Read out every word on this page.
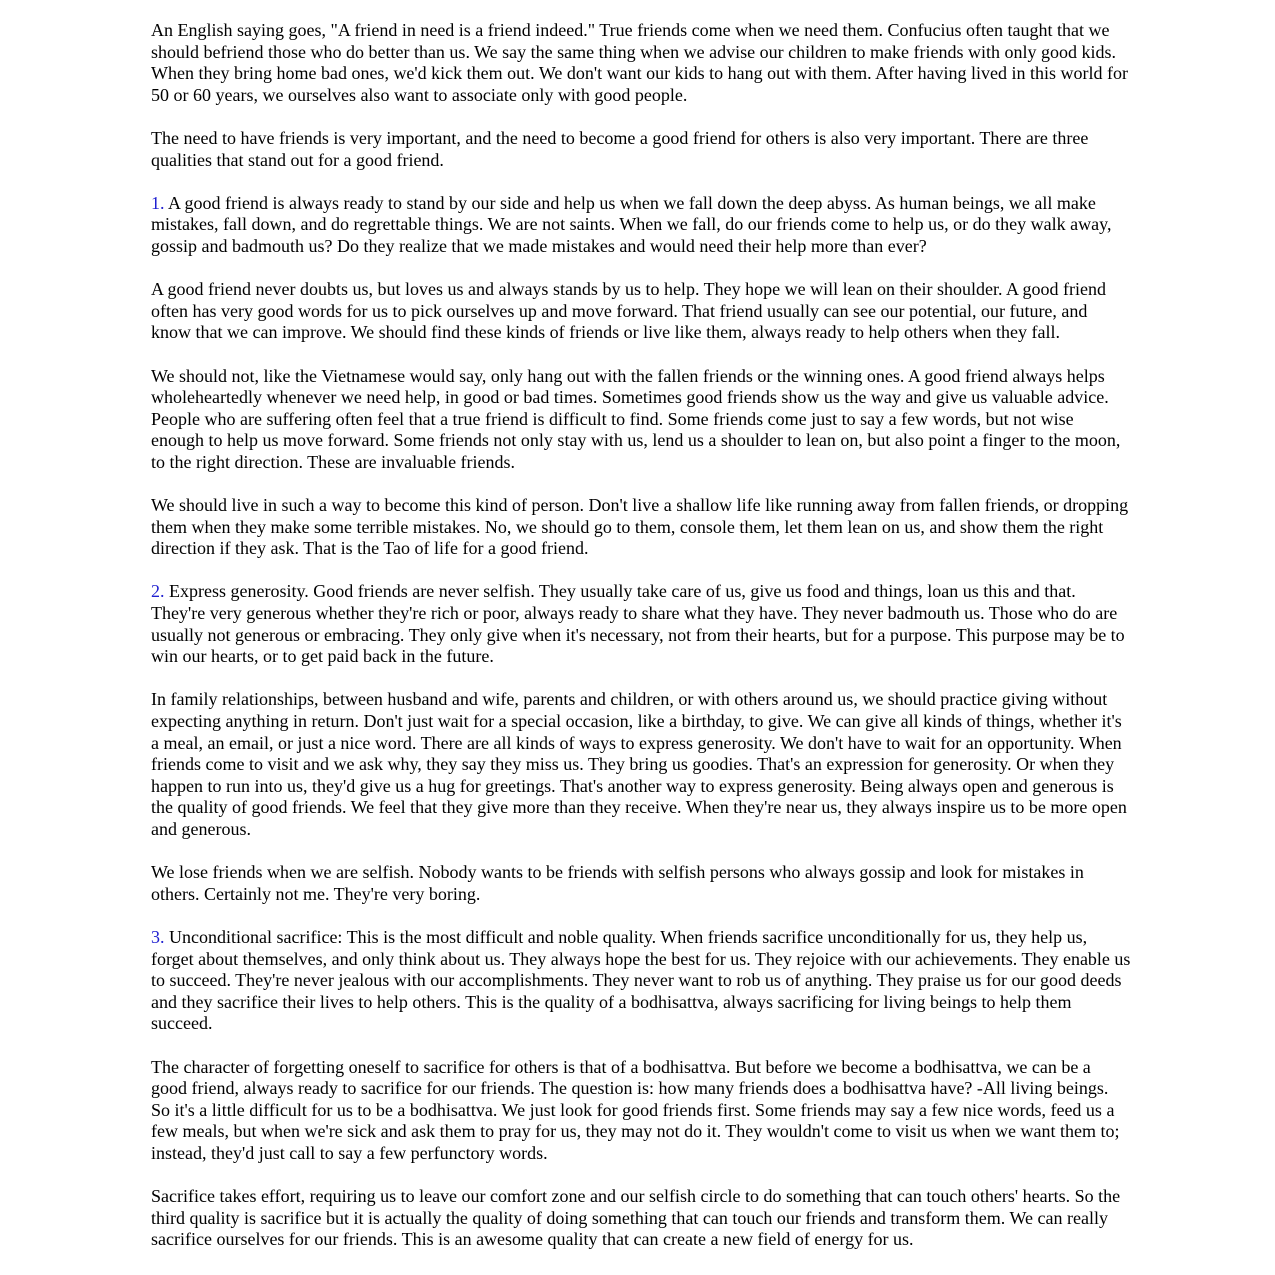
An English saying goes, "A friend in need is a friend indeed." True friends come when we need them. Confucius often taught that we should befriend those who do better than us. We say the same thing when we advise our children to make friends with only good kids. When they bring home bad ones, we'd kick them out. We don't want our kids to hang out with them. After having lived in this world for 50 or 60 years, we ourselves also want to associate only with good people.

The need to have friends is very important, and the need to become a good friend for others is also very important. There are three qualities that stand out for a good friend.

1. A good friend is always ready to stand by our side and help us when we fall down the deep abyss. As human beings, we all make mistakes, fall down, and do regrettable things. We are not saints. When we fall, do our friends come to help us, or do they walk away, gossip and badmouth us? Do they realize that we made mistakes and would need their help more than ever?

A good friend never doubts us, but loves us and always stands by us to help. They hope we will lean on their shoulder. A good friend often has very good words for us to pick ourselves up and move forward. That friend usually can see our potential, our future, and know that we can improve. We should find these kinds of friends or live like them, always ready to help others when they fall.

We should not, like the Vietnamese would say, only hang out with the fallen friends or the winning ones. A good friend always helps wholeheartedly whenever we need help, in good or bad times. Sometimes good friends show us the way and give us valuable advice. People who are suffering often feel that a true friend is difficult to find. Some friends come just to say a few words, but not wise enough to help us move forward. Some friends not only stay with us, lend us a shoulder to lean on, but also point a finger to the moon, to the right direction. These are invaluable friends.

We should live in such a way to become this kind of person. Don't live a shallow life like running away from fallen friends, or dropping them when they make some terrible mistakes. No, we should go to them, console them, let them lean on us, and show them the right direction if they ask. That is the Tao of life for a good friend.

2. Express generosity. Good friends are never selfish. They usually take care of us, give us food and things, loan us this and that. They're very generous whether they're rich or poor, always ready to share what they have. They never badmouth us. Those who do are usually not generous or embracing. They only give when it's necessary, not from their hearts, but for a purpose. This purpose may be to win our hearts, or to get paid back in the future.

In family relationships, between husband and wife, parents and children, or with others around us, we should practice giving without expecting anything in return. Don't just wait for a special occasion, like a birthday, to give. We can give all kinds of things, whether it's a meal, an email, or just a nice word. There are all kinds of ways to express generosity. We don't have to wait for an opportunity. When friends come to visit and we ask why, they say they miss us. They bring us goodies. That's an expression for generosity. Or when they happen to run into us, they'd give us a hug for greetings. That's another way to express generosity. Being always open and generous is the quality of good friends. We feel that they give more than they receive. When they're near us, they always inspire us to be more open and generous.

We lose friends when we are selfish. Nobody wants to be friends with selfish persons who always gossip and look for mistakes in others. Certainly not me. They're very boring.

3. Unconditional sacrifice: This is the most difficult and noble quality. When friends sacrifice unconditionally for us, they help us, forget about themselves, and only think about us. They always hope the best for us. They rejoice with our achievements. They enable us to succeed. They're never jealous with our accomplishments. They never want to rob us of anything. They praise us for our good deeds and they sacrifice their lives to help others. This is the quality of a bodhisattva, always sacrificing for living beings to help them succeed.

The character of forgetting oneself to sacrifice for others is that of a bodhisattva. But before we become a bodhisattva, we can be a good friend, always ready to sacrifice for our friends. The question is: how many friends does a bodhisattva have? -All living beings. So it's a little difficult for us to be a bodhisattva. We just look for good friends first. Some friends may say a few nice words, feed us a few meals, but when we're sick and ask them to pray for us, they may not do it. They wouldn't come to visit us when we want them to; instead, they'd just call to say a few perfunctory words.

Sacrifice takes effort, requiring us to leave our comfort zone and our selfish circle to do something that can touch others' hearts. So the third quality is sacrifice but it is actually the quality of doing something that can touch our friends and transform them. We can really sacrifice ourselves for our friends. This is an awesome quality that can create a new field of energy for us.
